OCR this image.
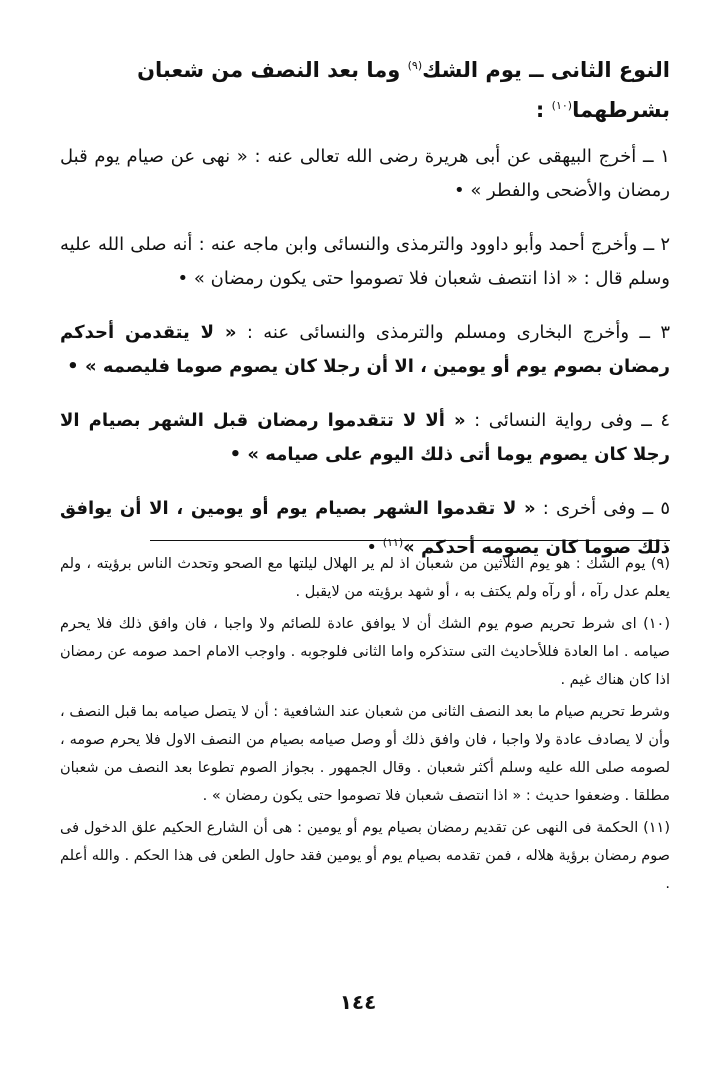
النوع الثانى ــ يوم الشك$^{(٩)}$ وما بعد النصف من شعبان بشرطهما$^{(١٠)}$ :

١ ــ أخرج البيهقى عن أبى هريرة رضى الله تعالى عنه : « نهى عن صيام يوم قبل رمضان والأضحى والفطر » •

٢ ــ وأخرج أحمد وأبو داوود والترمذى والنسائى وابن ماجه عنه : أنه صلى الله عليه وسلم قال : « اذا انتصف شعبان فلا تصوموا حتى يكون رمضان » •

٣ ــ وأخرج البخارى ومسلم والترمذى والنسائى عنه : « لا يتقدمن أحدكم رمضان بصوم يوم أو يومين ، الا أن رجلا كان يصوم صوما فليصمه » •

٤ ــ وفى رواية النسائى : « ألا لا تتقدموا رمضان قبل الشهر بصيام الا رجلا كان يصوم يوما أتى ذلك اليوم على صيامه » •

٥ ــ وفى أخرى : « لا تقدموا الشهر بصيام يوم أو يومين ، الا أن يوافق ذلك صوما كان يصومه أحدكم »$^{(١١)}$ •

(٩) يوم الشك : هو يوم الثلاثين من شعبان اذ لم ير الهلال ليلتها مع الصحو وتحدث الناس برؤيته ، ولم يعلم عدل رآه ، أو رآه ولم يكتف به ، أو شهد برؤيته من لايقبل .

(١٠) اى شرط تحريم صوم يوم الشك أن لا يوافق عادة للصائم ولا واجبا ، فان وافق ذلك فلا يحرم صيامه . اما العادة فللأحاديث التى ستذكره واما الثانى فلوجوبه . واوجب الامام احمد صومه عن رمضان اذا كان هناك غيم .

وشرط تحريم صيام ما بعد النصف الثانى من شعبان عند الشافعية : أن لا يتصل صيامه بما قبل النصف ، وأن لا يصادف عادة ولا واجبا ، فان وافق ذلك أو وصل صيامه بصيام من النصف الاول فلا يحرم صومه ، لصومه صلى الله عليه وسلم أكثر شعبان . وقال الجمهور . بجواز الصوم تطوعا بعد النصف من شعبان مطلقا . وضعفوا حديث : « اذا انتصف شعبان فلا تصوموا حتى يكون رمضان » .

(١١) الحكمة فى النهى عن تقديم رمضان بصيام يوم أو يومين : هى أن الشارع الحكيم علق الدخول فى صوم رمضان برؤية هلاله ، فمن تقدمه بصيام يوم أو يومين فقد حاول الطعن فى هذا الحكم . والله أعلم .

١٤٤
